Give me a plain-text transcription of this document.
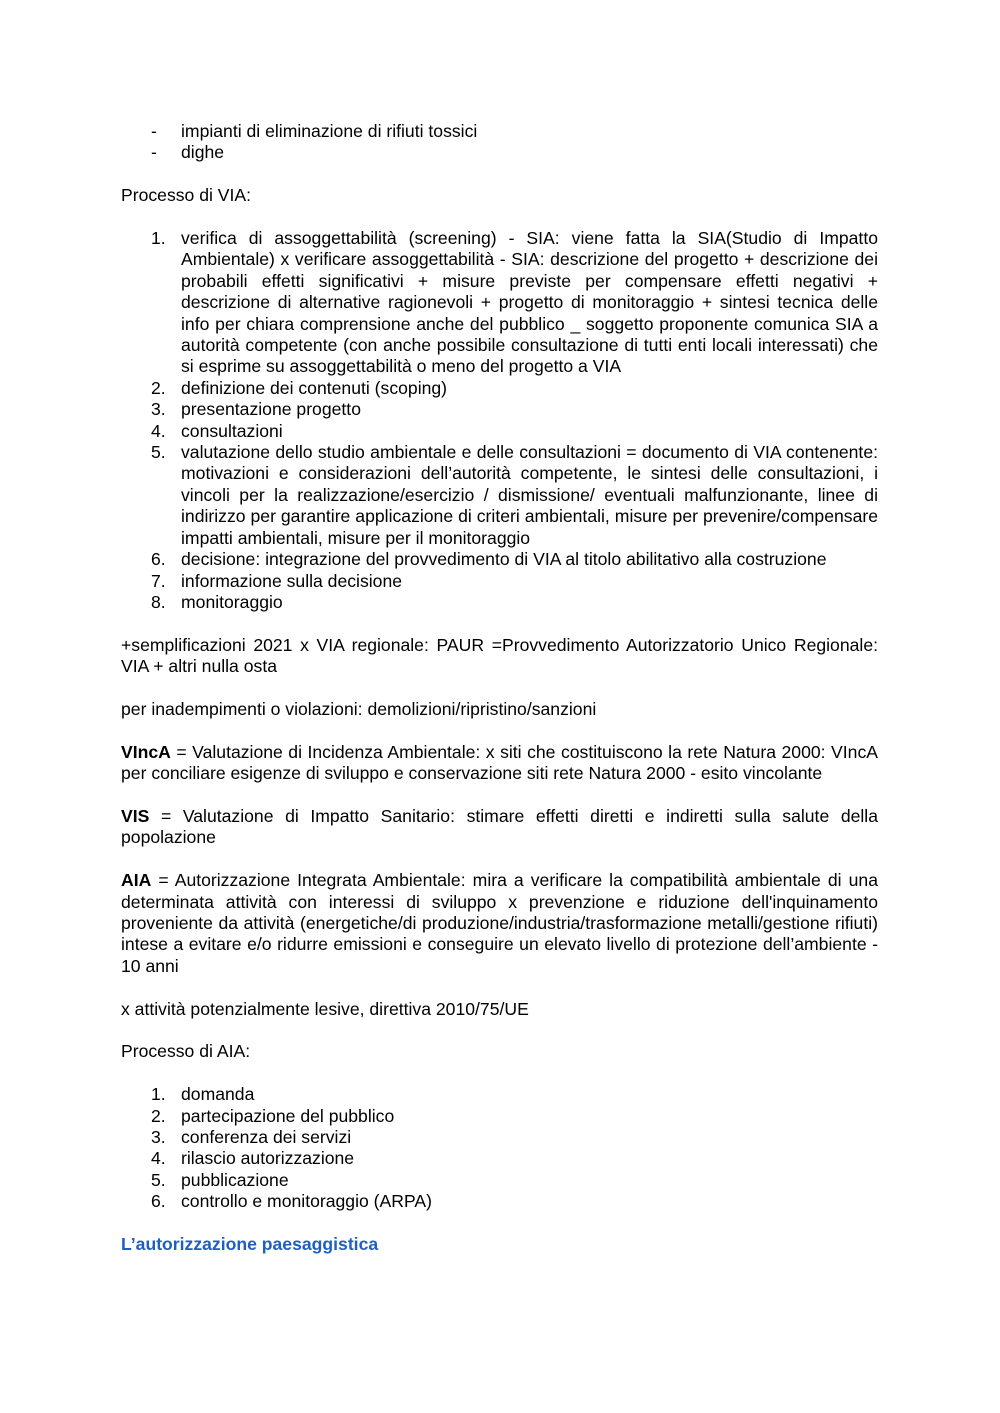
- impianti di eliminazione di rifiuti tossici
- dighe

Processo di VIA:

1. verifica di assoggettabilità (screening) - SIA: viene fatta la SIA(Studio di Impatto Ambientale) x verificare assoggettabilità - SIA: descrizione del progetto + descrizione dei probabili effetti significativi + misure previste per compensare effetti negativi + descrizione di alternative ragionevoli + progetto di monitoraggio + sintesi tecnica delle info per chiara comprensione anche del pubblico _ soggetto proponente comunica SIA a autorità competente (con anche possibile consultazione di tutti enti locali interessati) che si esprime su assoggettabilità o meno del progetto a VIA
2. definizione dei contenuti (scoping)
3. presentazione progetto
4. consultazioni
5. valutazione dello studio ambientale e delle consultazioni = documento di VIA contenente: motivazioni e considerazioni dell’autorità competente, le sintesi delle consultazioni, i vincoli per la realizzazione/esercizio / dismissione/ eventuali malfunzionante, linee di indirizzo per garantire applicazione di criteri ambientali, misure per prevenire/compensare impatti ambientali, misure per il monitoraggio
6. decisione: integrazione del provvedimento di VIA al titolo abilitativo alla costruzione
7. informazione sulla decisione
8. monitoraggio

+semplificazioni 2021 x VIA regionale: PAUR =Provvedimento Autorizzatorio Unico Regionale: VIA + altri nulla osta

per inadempimenti o violazioni: demolizioni/ripristino/sanzioni

VIncA = Valutazione di Incidenza Ambientale: x siti che costituiscono la rete Natura 2000: VIncA per conciliare esigenze di sviluppo e conservazione siti rete Natura 2000 - esito vincolante

VIS = Valutazione di Impatto Sanitario: stimare effetti diretti e indiretti sulla salute della popolazione

AIA = Autorizzazione Integrata Ambientale: mira a verificare la compatibilità ambientale di una determinata attività con interessi di sviluppo x prevenzione e riduzione dell'inquinamento proveniente da attività (energetiche/di produzione/industria/trasformazione metalli/gestione rifiuti) intese a evitare e/o ridurre emissioni e conseguire un elevato livello di protezione dell’ambiente - 10 anni

x attività potenzialmente lesive, direttiva 2010/75/UE

Processo di AIA:

1. domanda
2. partecipazione del pubblico
3. conferenza dei servizi
4. rilascio autorizzazione
5. pubblicazione
6. controllo e monitoraggio (ARPA)

L’autorizzazione paesaggistica
